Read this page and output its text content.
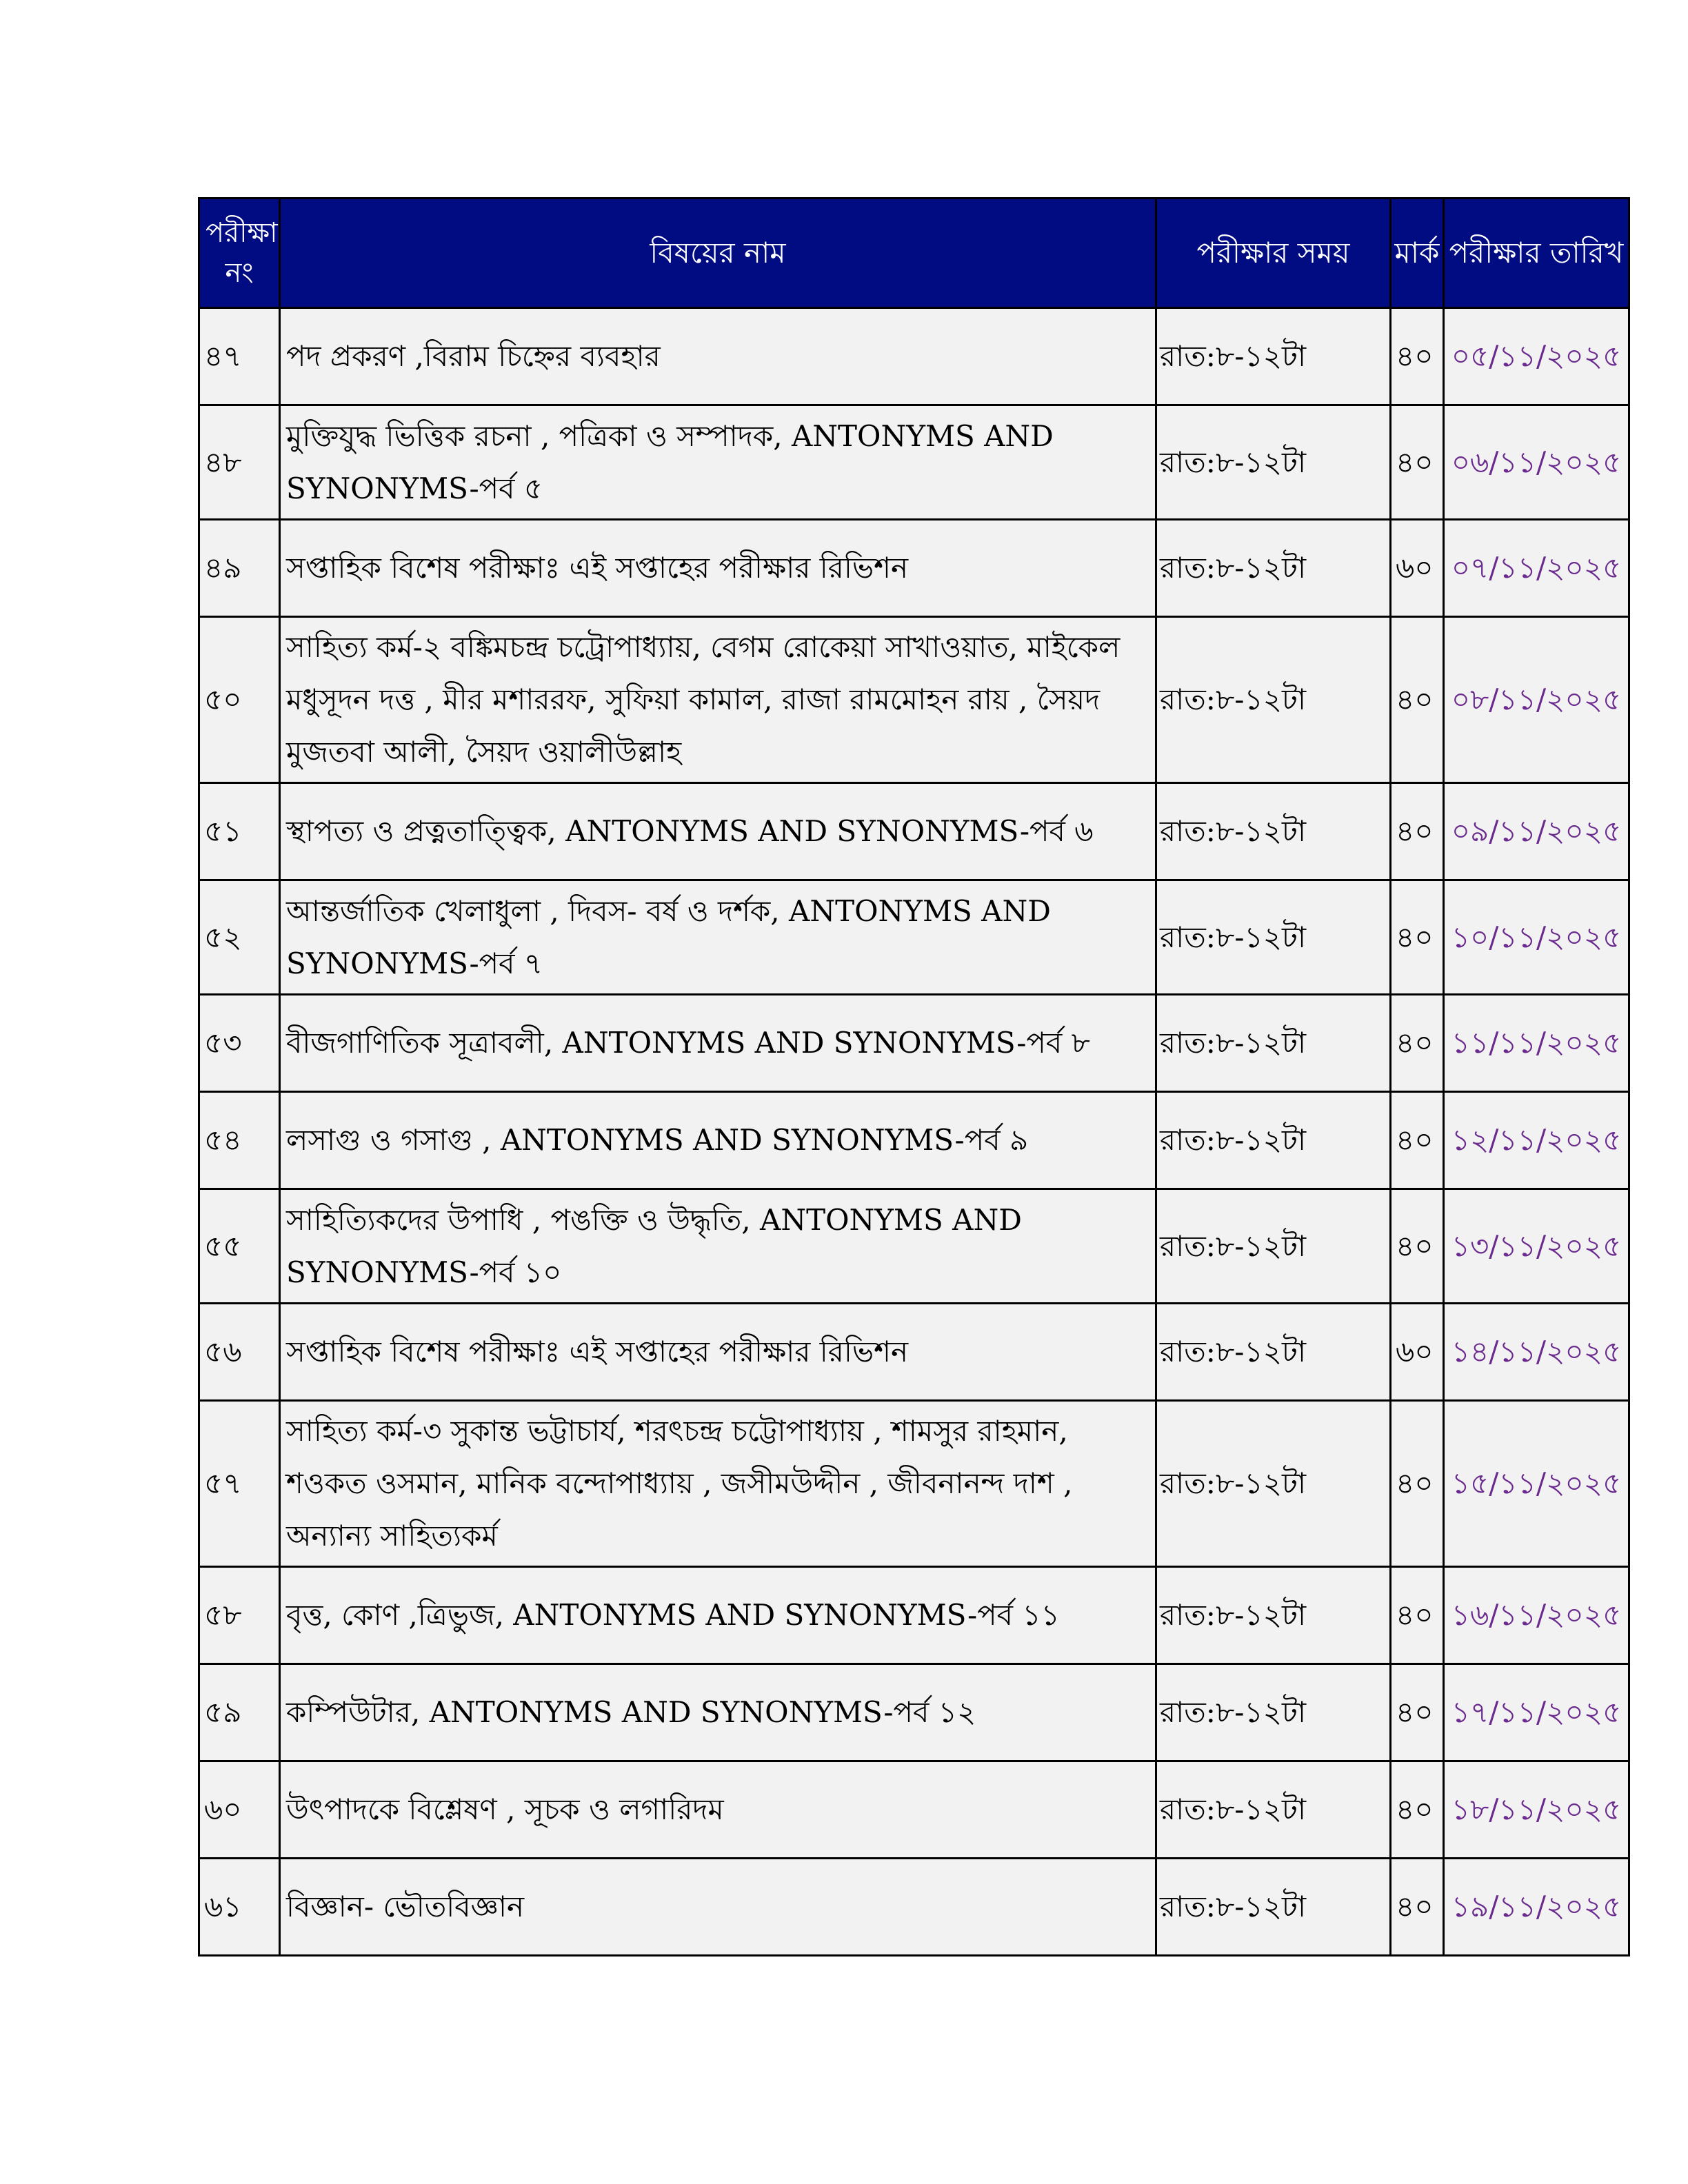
পরীক্ষা নং	বিষয়ের নাম	পরীক্ষার সময়	মার্ক	পরীক্ষার তারিখ
৪৭	পদ প্রকরণ ,বিরাম চিহ্নের ব্যবহার	রাত:৮-১২টা	৪০	০৫/১১/২০২৫
৪৮	মুক্তিযুদ্ধ ভিত্তিক রচনা , পত্রিকা ও সম্পাদক, ANTONYMS AND SYNONYMS-পর্ব ৫	রাত:৮-১২টা	৪০	০৬/১১/২০২৫
৪৯	সপ্তাহিক বিশেষ পরীক্ষাঃ এই সপ্তাহের পরীক্ষার রিভিশন	রাত:৮-১২টা	৬০	০৭/১১/২০২৫
৫০	সাহিত্য কর্ম-২ বঙ্কিমচন্দ্র চট্রোপাধ্যায়, বেগম রোকেয়া সাখাওয়াত, মাইকেল মধুসূদন দত্ত , মীর মশাররফ, সুফিয়া কামাল, রাজা রামমোহন রায় , সৈয়দ মুজতবা আলী, সৈয়দ ওয়ালীউল্লাহ	রাত:৮-১২টা	৪০	০৮/১১/২০২৫
৫১	স্থাপত্য ও প্রত্নতাত্ত্বিক, ANTONYMS AND SYNONYMS-পর্ব ৬	রাত:৮-১২টা	৪০	০৯/১১/২০২৫
৫২	আন্তর্জাতিক খেলাধুলা , দিবস- বর্ষ ও দর্শক, ANTONYMS AND SYNONYMS-পর্ব ৭	রাত:৮-১২টা	৪০	১০/১১/২০২৫
৫৩	বীজগাণিতিক সূত্রাবলী, ANTONYMS AND SYNONYMS-পর্ব ৮	রাত:৮-১২টা	৪০	১১/১১/২০২৫
৫৪	লসাগু ও গসাগু , ANTONYMS AND SYNONYMS-পর্ব ৯	রাত:৮-১২টা	৪০	১২/১১/২০২৫
৫৫	সাহিত্যিকদের উপাধি , পঙক্তি ও উদ্ধৃতি, ANTONYMS AND SYNONYMS-পর্ব ১০	রাত:৮-১২টা	৪০	১৩/১১/২০২৫
৫৬	সপ্তাহিক বিশেষ পরীক্ষাঃ এই সপ্তাহের পরীক্ষার রিভিশন	রাত:৮-১২টা	৬০	১৪/১১/২০২৫
৫৭	সাহিত্য কর্ম-৩ সুকান্ত ভট্টাচার্য, শরৎচন্দ্র চট্টোপাধ্যায় , শামসুর রাহমান, শওকত ওসমান, মানিক বন্দোপাধ্যায় , জসীমউদ্দীন , জীবনানন্দ দাশ , অন্যান্য সাহিত্যকর্ম	রাত:৮-১২টা	৪০	১৫/১১/২০২৫
৫৮	বৃত্ত, কোণ ,ত্রিভুজ, ANTONYMS AND SYNONYMS-পর্ব ১১	রাত:৮-১২টা	৪০	১৬/১১/২০২৫
৫৯	কম্পিউটার, ANTONYMS AND SYNONYMS-পর্ব ১২	রাত:৮-১২টা	৪০	১৭/১১/২০২৫
৬০	উৎপাদকে বিশ্লেষণ , সূচক ও লগারিদম	রাত:৮-১২টা	৪০	১৮/১১/২০২৫
৬১	বিজ্ঞান- ভৌতবিজ্ঞান	রাত:৮-১২টা	৪০	১৯/১১/২০২৫
